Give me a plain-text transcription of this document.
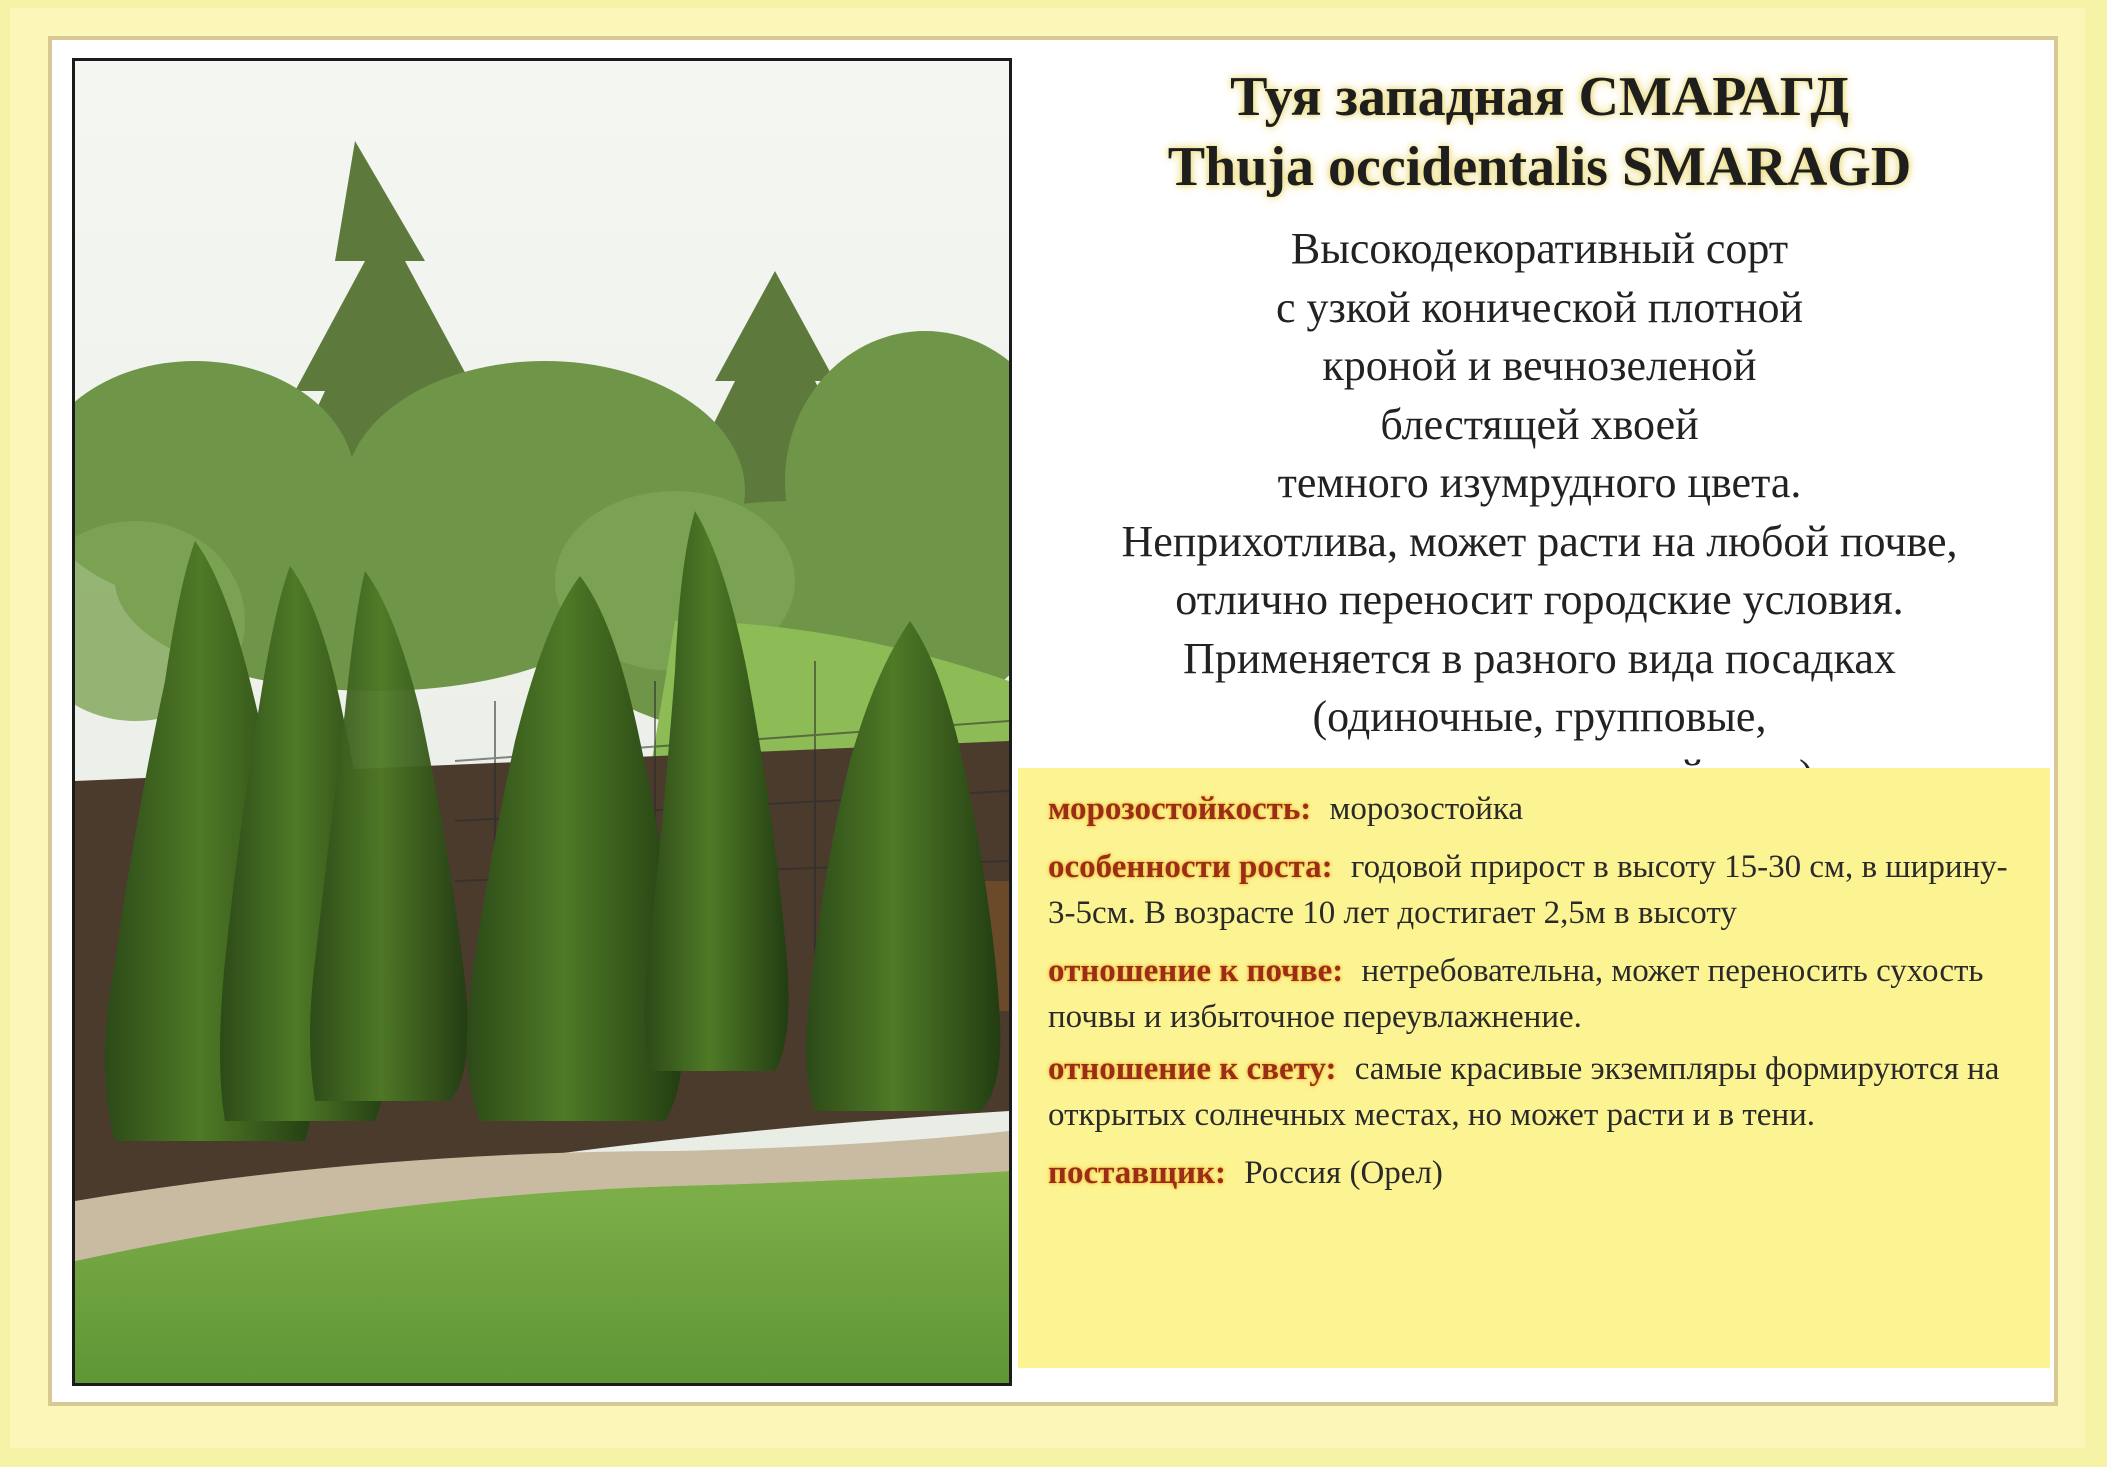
Туя западная СМАРАГД
Thuja occidentalis SMARAGD
Высокодекоративный сорт
с узкой конической плотной
кроной и вечнозеленой
блестящей хвоей
темного изумрудного цвета.
Неприхотлива, может расти на любой почве,
отлично переносит городские условия.
Применяется в разного вида посадках
(одиночные, групповые,
морозостойкость: морозостойка
особенности роста: годовой прирост в высоту 15-30 см, в ширину- 3-5см. В возрасте 10 лет достигает 2,5м в высоту
отношение к почве: нетребовательна, может переносить сухость почвы и избыточное переувлажнение.
отношение к свету: самые красивые экземпляры формируются на открытых солнечных местах, но может расти и в тени.
поставщик: Россия (Орел)
